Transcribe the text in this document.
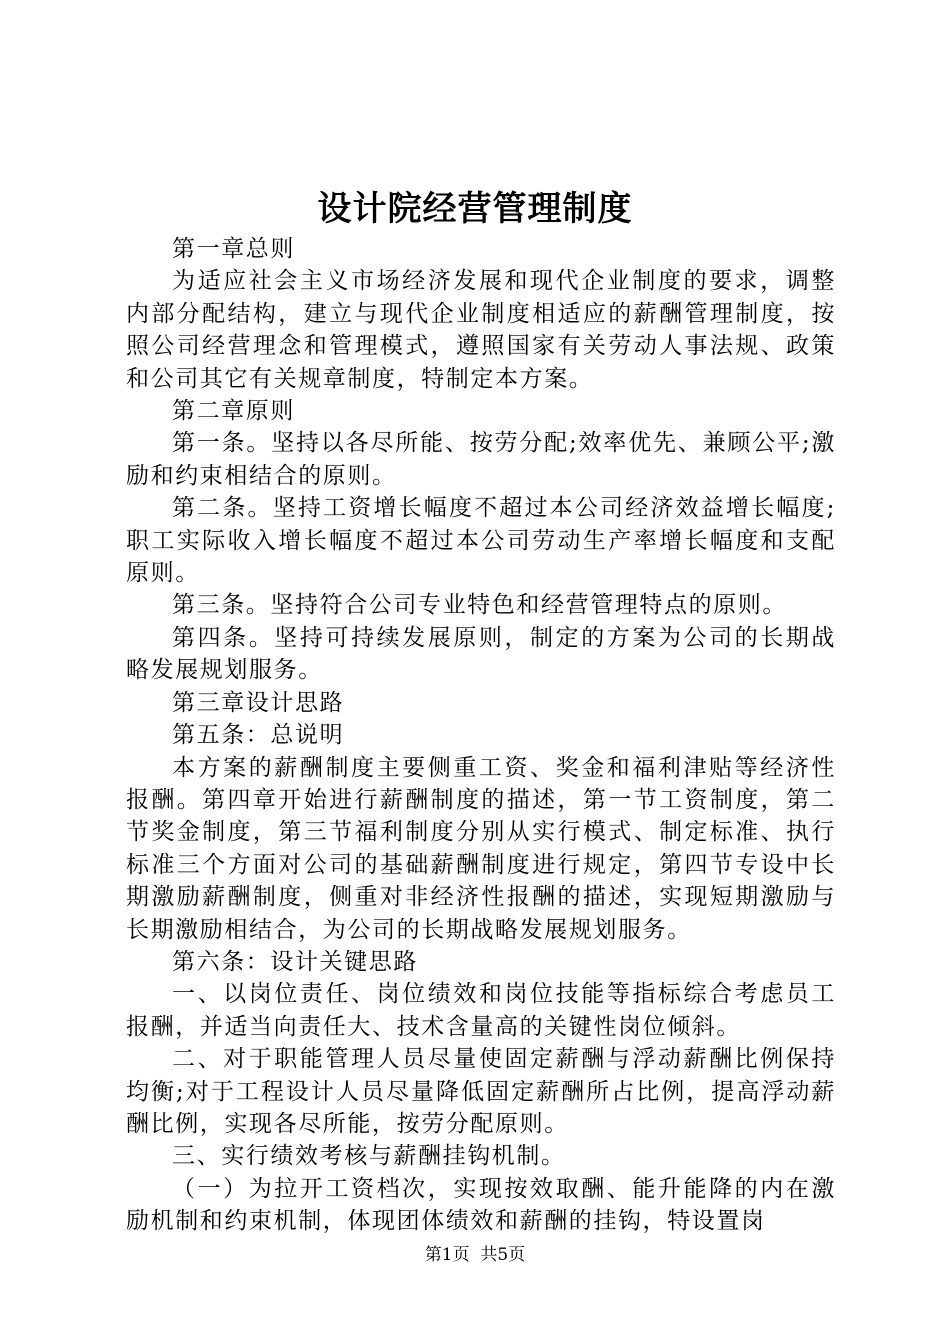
设计院经营管理制度

第一章总则

为适应社会主义市场经济发展和现代企业制度的要求，调整内部分配结构，建立与现代企业制度相适应的薪酬管理制度，按照公司经营理念和管理模式，遵照国家有关劳动人事法规、政策和公司其它有关规章制度，特制定本方案。

第二章原则

第一条。坚持以各尽所能、按劳分配;效率优先、兼顾公平;激励和约束相结合的原则。

第二条。坚持工资增长幅度不超过本公司经济效益增长幅度;职工实际收入增长幅度不超过本公司劳动生产率增长幅度和支配原则。

第三条。坚持符合公司专业特色和经营管理特点的原则。

第四条。坚持可持续发展原则，制定的方案为公司的长期战略发展规划服务。

第三章设计思路

第五条：总说明

本方案的薪酬制度主要侧重工资、奖金和福利津贴等经济性报酬。第四章开始进行薪酬制度的描述，第一节工资制度，第二节奖金制度，第三节福利制度分别从实行模式、制定标准、执行标准三个方面对公司的基础薪酬制度进行规定，第四节专设中长期激励薪酬制度，侧重对非经济性报酬的描述，实现短期激励与长期激励相结合，为公司的长期战略发展规划服务。

第六条：设计关键思路

一、以岗位责任、岗位绩效和岗位技能等指标综合考虑员工报酬，并适当向责任大、技术含量高的关键性岗位倾斜。

二、对于职能管理人员尽量使固定薪酬与浮动薪酬比例保持均衡;对于工程设计人员尽量降低固定薪酬所占比例，提高浮动薪酬比例，实现各尽所能，按劳分配原则。

三、实行绩效考核与薪酬挂钩机制。

（一）为拉开工资档次，实现按效取酬、能升能降的内在激励机制和约束机制，体现团体绩效和薪酬的挂钩，特设置岗

第1页  共5页
